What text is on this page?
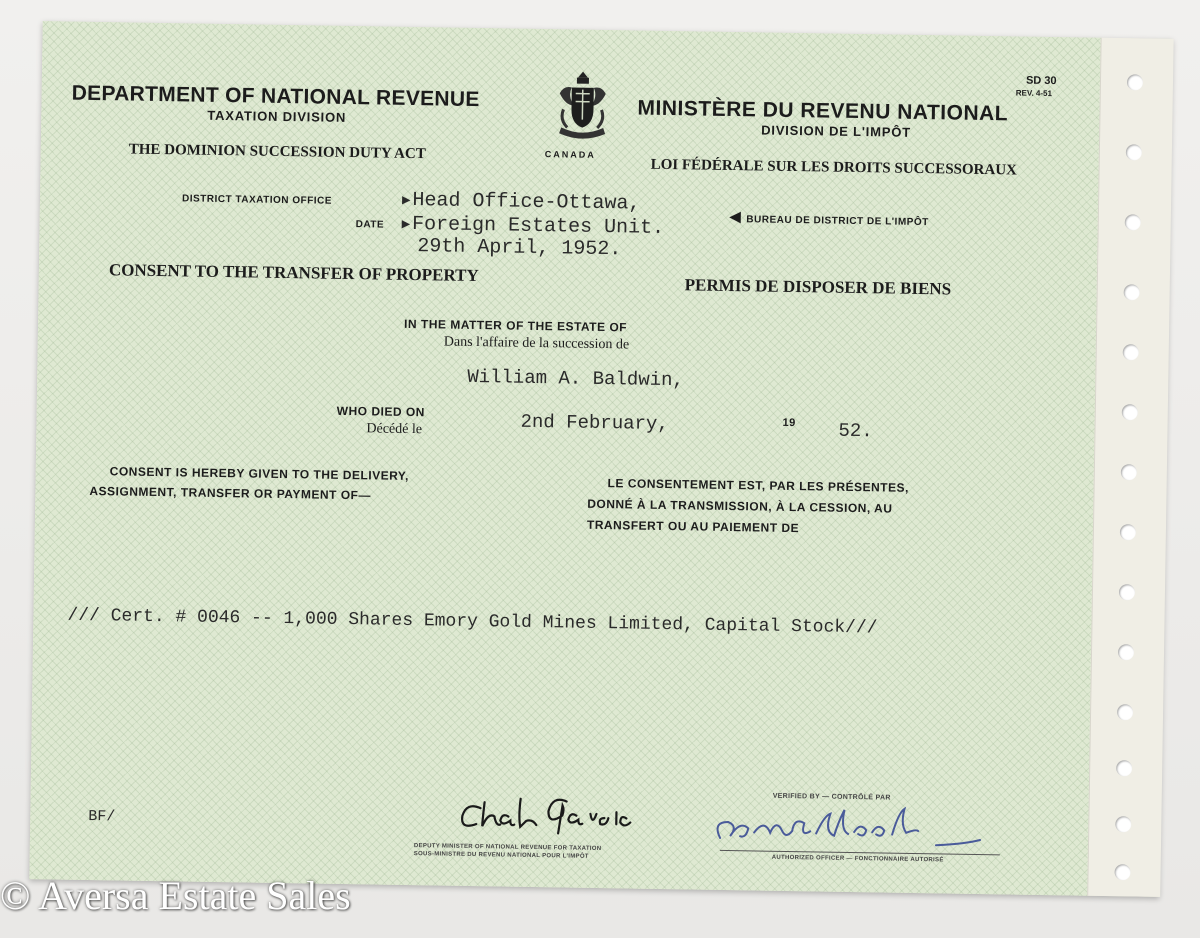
SD 30
REV. 4-51
DEPARTMENT OF NATIONAL REVENUE
TAXATION DIVISION
THE DOMINION SUCCESSION DUTY ACT	CANADA
MINISTÈRE DU REVENU NATIONAL
DIVISION DE L'IMPÔT
LOI FÉDÉRALE SUR LES DROITS SUCCESSORAUX
DISTRICT TAXATION OFFICE	▶Head Office-Ottawa,
◀ BUREAU DE DISTRICT DE L'IMPÔT
DATE ▶Foreign Estates Unit.
29th April, 1952.
CONSENT TO THE TRANSFER OF PROPERTY
PERMIS DE DISPOSER DE BIENS
IN THE MATTER OF THE ESTATE OF
Dans l'affaire de la succession de
William A. Baldwin,
WHO DIED ON
Décédé le	2nd February,	19 52.
CONSENT IS HEREBY GIVEN TO THE DELIVERY,
ASSIGNMENT, TRANSFER OR PAYMENT OF—	LE CONSENTEMENT EST, PAR LES PRÉSENTES,
DONNÉ À LA TRANSMISSION, À LA CESSION, AU
TRANSFERT OU AU PAIEMENT DE
/// Cert. # 0046 -- 1,000 Shares Emory Gold Mines Limited, Capital Stock///
BF/
DEPUTY MINISTER OF NATIONAL REVENUE FOR TAXATION
SOUS-MINISTRE DU REVENU NATIONAL POUR L'IMPÔT
VERIFIED BY — CONTRÔLÉ PAR
AUTHORIZED OFFICER — FONCTIONNAIRE AUTORISÉ
© Aversa Estate Sales
